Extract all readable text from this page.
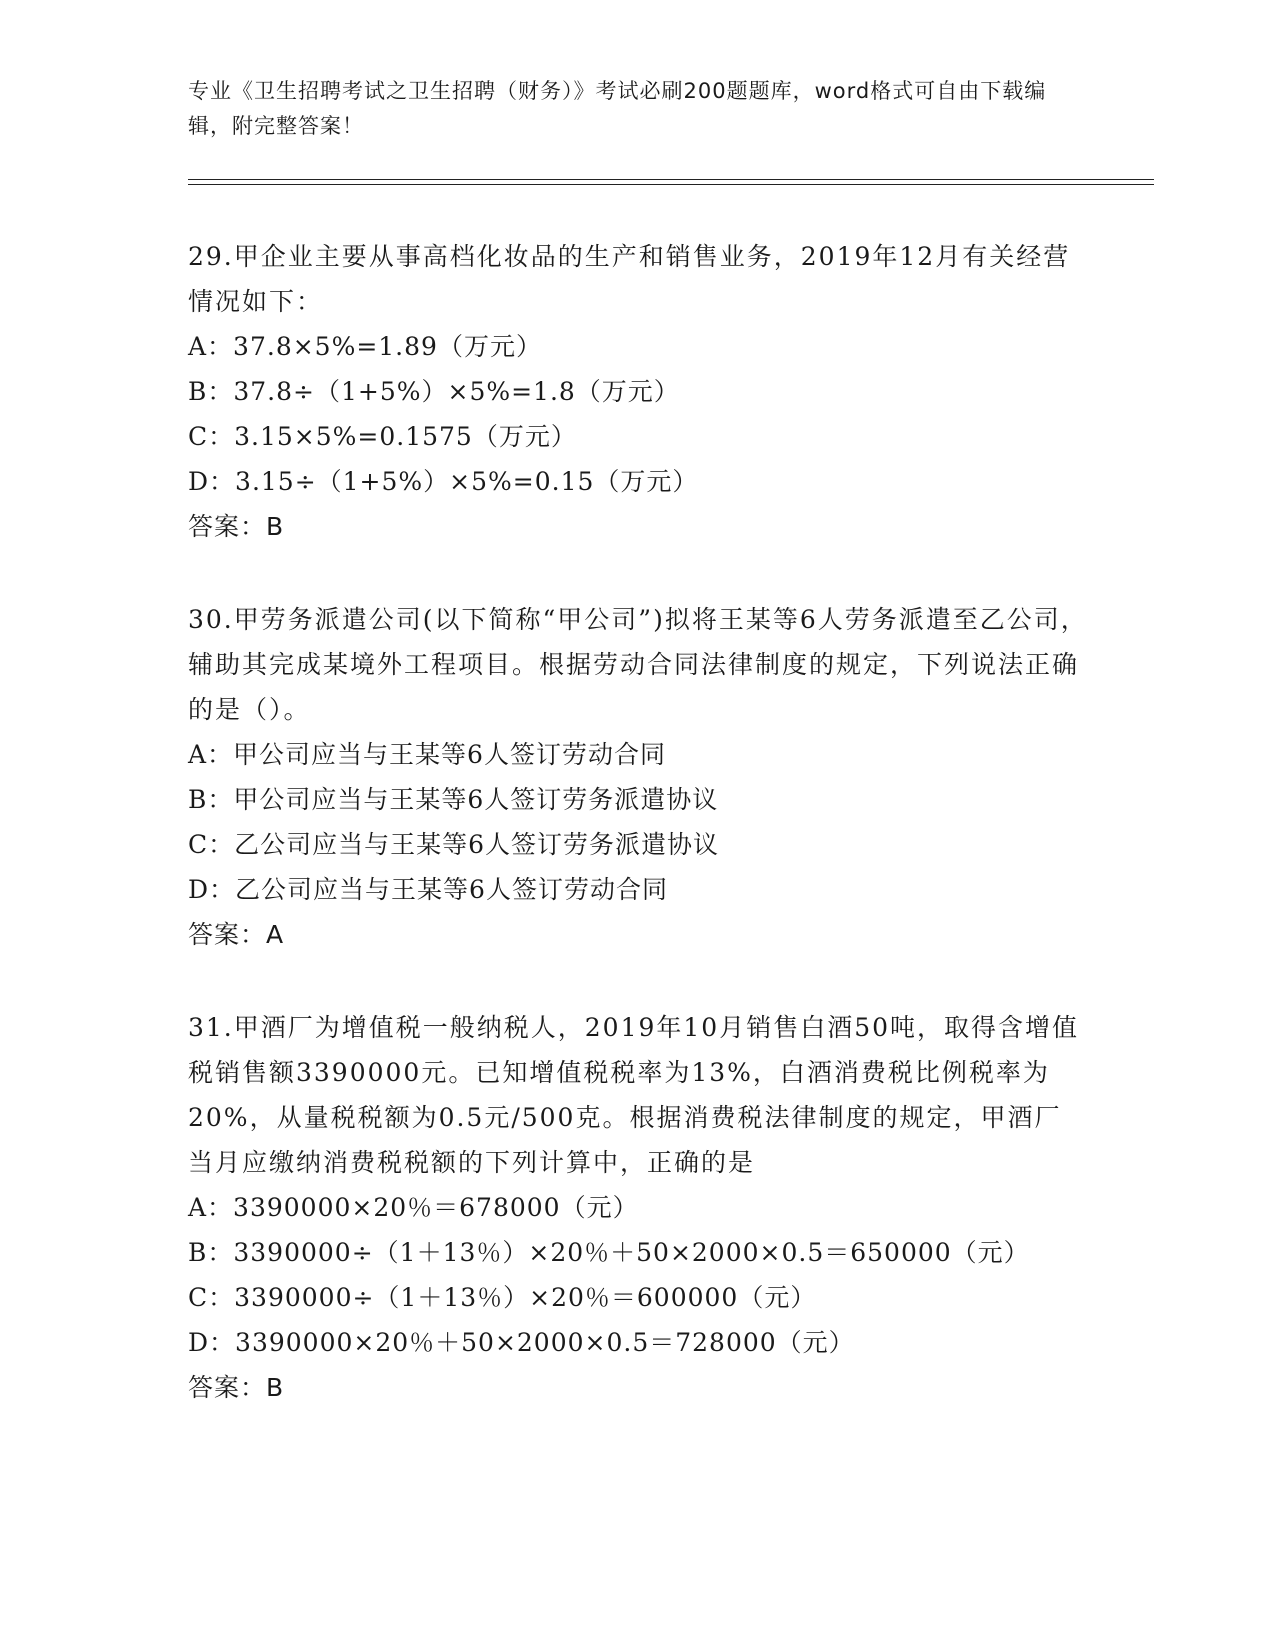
专业《卫生招聘考试之卫生招聘（财务）》考试必刷200题题库，word格式可自由下载编辑，附完整答案！

29.甲企业主要从事高档化妆品的生产和销售业务，2019年12月有关经营情况如下：

A：37.8×5%=1.89（万元）

B：37.8÷（1+5%）×5%=1.8（万元）

C：3.15×5%=0.1575（万元）

D：3.15÷（1+5%）×5%=0.15（万元）

答案：B

30.甲劳务派遣公司(以下简称“甲公司”)拟将王某等6人劳务派遣至乙公司，辅助其完成某境外工程项目。根据劳动合同法律制度的规定，下列说法正确的是（）。

A：甲公司应当与王某等6人签订劳动合同

B：甲公司应当与王某等6人签订劳务派遣协议

C：乙公司应当与王某等6人签订劳务派遣协议

D：乙公司应当与王某等6人签订劳动合同

答案：A

31.甲酒厂为增值税一般纳税人，2019年10月销售白酒50吨，取得含增值税销售额3390000元。已知增值税税率为13%，白酒消费税比例税率为20%，从量税税额为0.5元/500克。根据消费税法律制度的规定，甲酒厂当月应缴纳消费税税额的下列计算中，正确的是

A：3390000×20％＝678000（元）

B：3390000÷（1＋13％）×20％＋50×2000×0.5＝650000（元）

C：3390000÷（1＋13％）×20％＝600000（元）

D：3390000×20％＋50×2000×0.5＝728000（元）

答案：B
